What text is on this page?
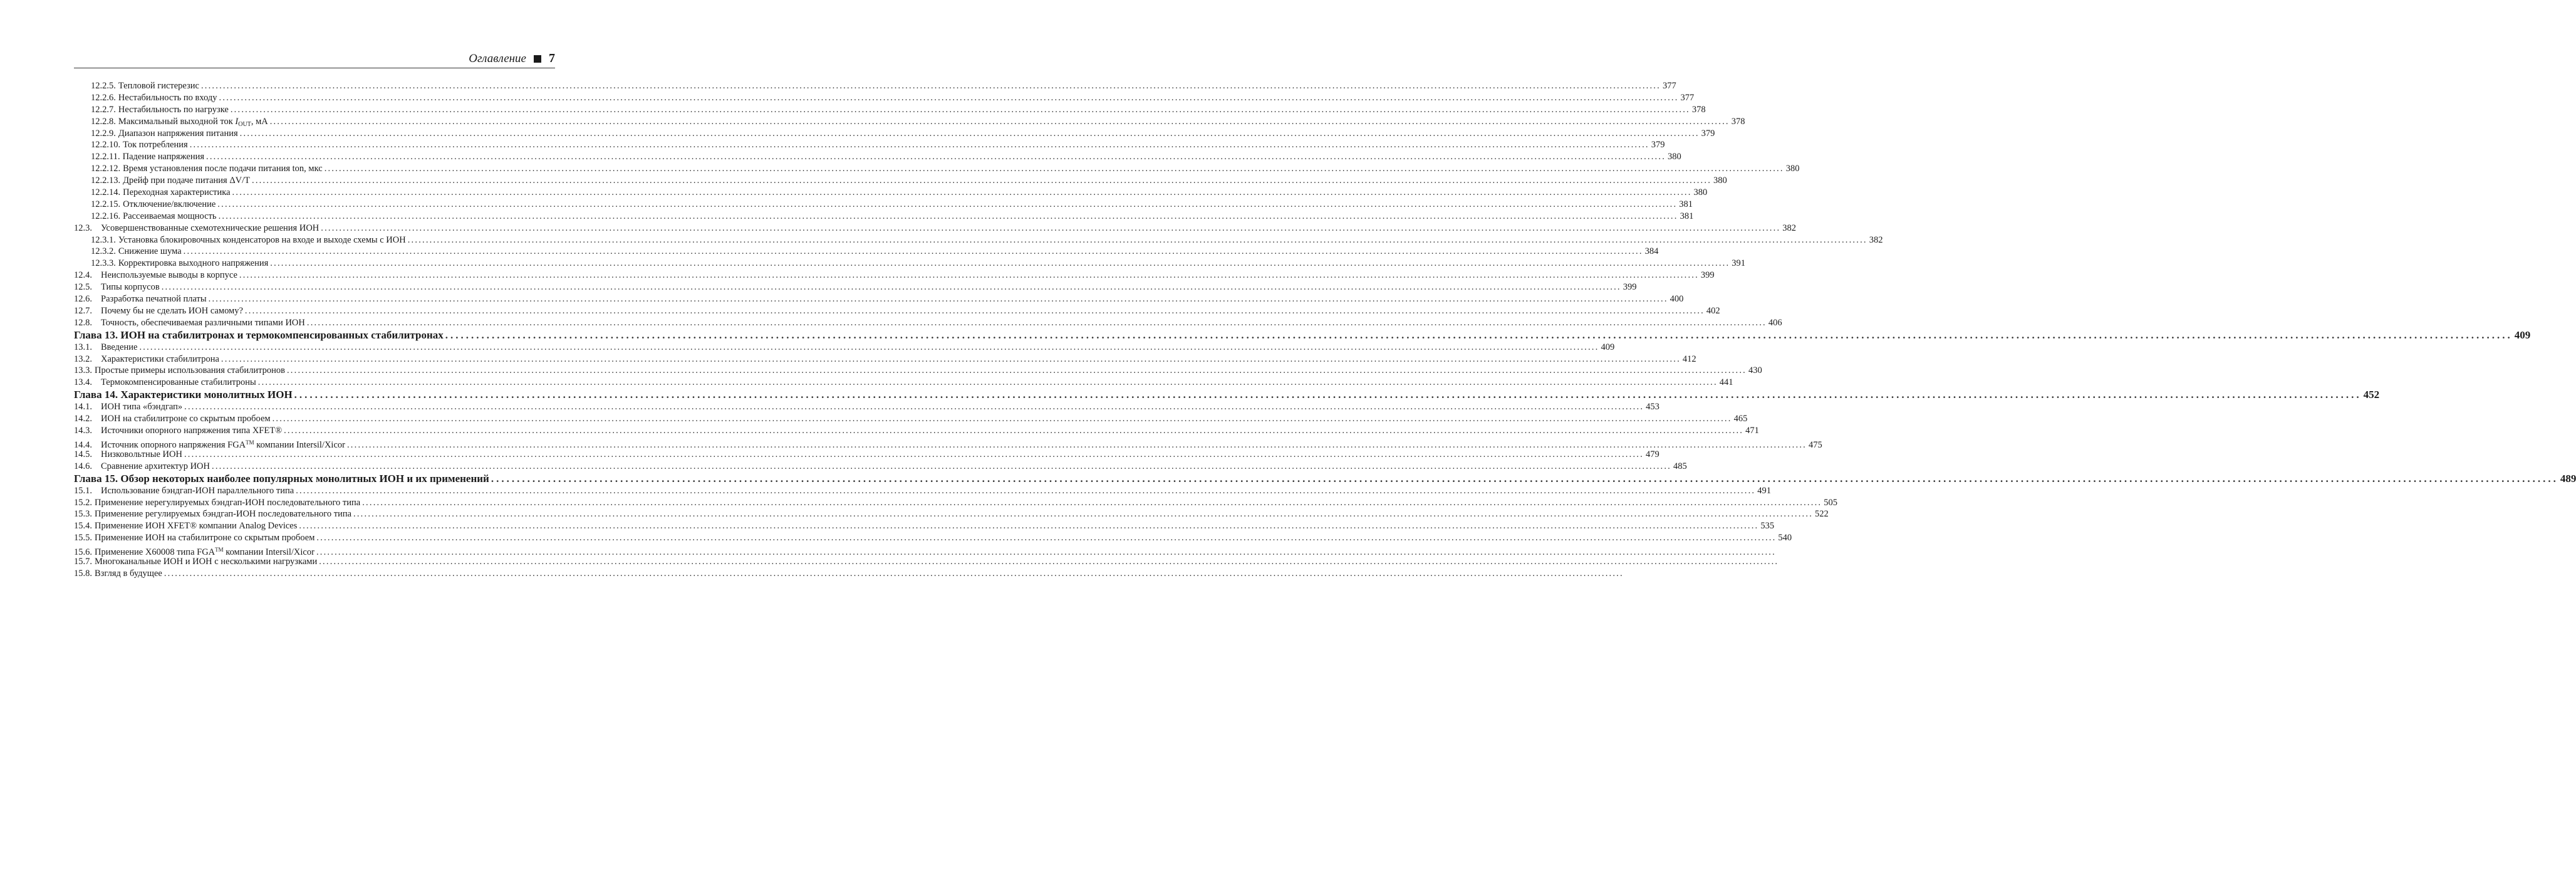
Оглавление 7
12.2.5. Тепловой гистерезис ................................................................................................................................................................................................................................................................................................................................................................................................................ 377
12.2.6. Нестабильность по входу ................................................................................................................................................................................................................................................................................................................................................................................................................ 377
12.2.7. Нестабильность по нагрузке ................................................................................................................................................................................................................................................................................................................................................................................................................ 378
12.2.8. Максимальный выходной ток $I_{OUT}$, мА ................................................................................................................................................................................................................................................................................................................................................................................................................ 378
12.2.9. Диапазон напряжения питания ................................................................................................................................................................................................................................................................................................................................................................................................................ 379
12.2.10. Ток потребления ................................................................................................................................................................................................................................................................................................................................................................................................................ 379
12.2.11. Падение напряжения ................................................................................................................................................................................................................................................................................................................................................................................................................ 380
12.2.12. Время установления после подачи питания ton, мкс ................................................................................................................................................................................................................................................................................................................................................................................................................ 380
12.2.13. Дрейф при подаче питания ΔV/T ................................................................................................................................................................................................................................................................................................................................................................................................................ 380
12.2.14. Переходная характеристика ................................................................................................................................................................................................................................................................................................................................................................................................................ 380
12.2.15. Отключение/включение ................................................................................................................................................................................................................................................................................................................................................................................................................ 381
12.2.16. Рассеиваемая мощность ................................................................................................................................................................................................................................................................................................................................................................................................................ 381
12.3. Усовершенствованные схемотехнические решения ИОН ................................................................................................................................................................................................................................................................................................................................................................................................................ 382
12.3.1. Установка блокировочных конденсаторов на входе и выходе схемы с ИОН ................................................................................................................................................................................................................................................................................................................................................................................................................ 382
12.3.2. Снижение шума ................................................................................................................................................................................................................................................................................................................................................................................................................ 384
12.3.3. Корректировка выходного напряжения ................................................................................................................................................................................................................................................................................................................................................................................................................ 391
12.4. Неиспользуемые выводы в корпусе ................................................................................................................................................................................................................................................................................................................................................................................................................ 399
12.5. Типы корпусов ................................................................................................................................................................................................................................................................................................................................................................................................................ 399
12.6. Разработка печатной платы ................................................................................................................................................................................................................................................................................................................................................................................................................ 400
12.7. Почему бы не сделать ИОН самому? ................................................................................................................................................................................................................................................................................................................................................................................................................ 402
12.8. Точность, обеспечиваемая различными типами ИОН ................................................................................................................................................................................................................................................................................................................................................................................................................ 406
Глава 13. ИОН на стабилитронах и термокомпенсированных стабилитронах ................................................................................................................................................................................................................................................................................................................................................................................................................ 409
13.1. Введение ................................................................................................................................................................................................................................................................................................................................................................................................................ 409
13.2. Характеристики стабилитрона ................................................................................................................................................................................................................................................................................................................................................................................................................ 412
13.3. Простые примеры использования стабилитронов ................................................................................................................................................................................................................................................................................................................................................................................................................ 430
13.4. Термокомпенсированные стабилитроны ................................................................................................................................................................................................................................................................................................................................................................................................................ 441
Глава 14. Характеристики монолитных ИОН ................................................................................................................................................................................................................................................................................................................................................................................................................ 452
14.1. ИОН типа «бэндгап» ................................................................................................................................................................................................................................................................................................................................................................................................................ 453
14.2. ИОН на стабилитроне со скрытым пробоем ................................................................................................................................................................................................................................................................................................................................................................................................................ 465
14.3. Источники опорного напряжения типа XFET® ................................................................................................................................................................................................................................................................................................................................................................................................................ 471
14.4. Источник опорного напряжения FGA™ компании Intersil/Xicor ................................................................................................................................................................................................................................................................................................................................................................................................................ 475
14.5. Низковольтные ИОН ................................................................................................................................................................................................................................................................................................................................................................................................................ 479
14.6. Сравнение архитектур ИОН ................................................................................................................................................................................................................................................................................................................................................................................................................ 485
Глава 15. Обзор некоторых наиболее популярных монолитных ИОН и их применений ................................................................................................................................................................................................................................................................................................................................................................................................................ 489
15.1. Использование бэндгап-ИОН параллельного типа ................................................................................................................................................................................................................................................................................................................................................................................................................ 491
15.2. Применение нерегулируемых бэндгап-ИОН последовательного типа ................................................................................................................................................................................................................................................................................................................................................................................................................ 505
15.3. Применение регулируемых бэндгап-ИОН последовательного типа ................................................................................................................................................................................................................................................................................................................................................................................................................ 522
15.4. Применение ИОН XFET® компании Analog Devices ................................................................................................................................................................................................................................................................................................................................................................................................................ 535
15.5. Применение ИОН на стабилитроне со скрытым пробоем ................................................................................................................................................................................................................................................................................................................................................................................................................ 540
15.6. Применение X60008 типа FGA™ компании Intersil/Xicor ................................................................................................................................................................................................................................................................................................................................................................................................................
15.7. Многоканальные ИОН и ИОН с несколькими нагрузками ................................................................................................................................................................................................................................................................................................................................................................................................................
15.8. Взгляд в будущее ................................................................................................................................................................................................................................................................................................................................................................................................................
